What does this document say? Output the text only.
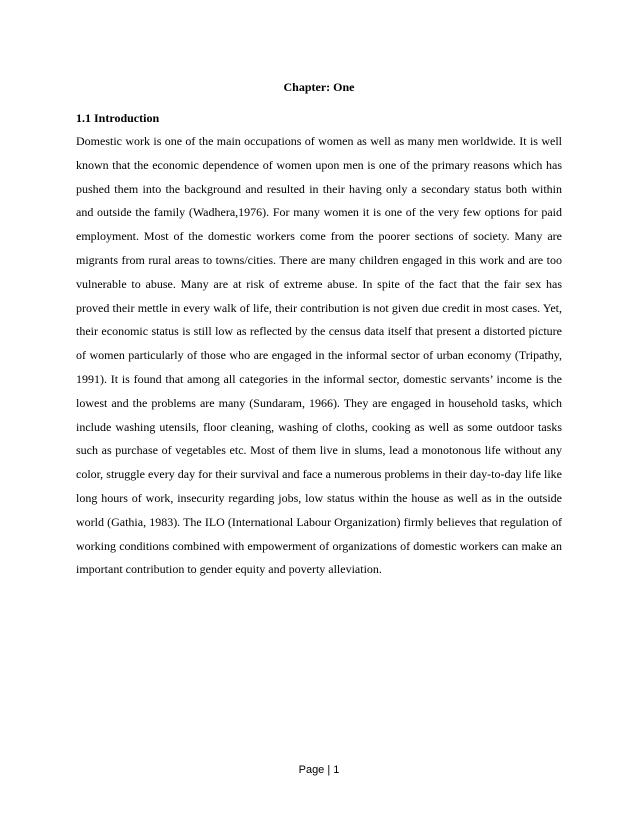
Chapter: One
1.1 Introduction

Domestic work is one of the main occupations of women as well as many men worldwide. It is well known that the economic dependence of women upon men is one of the primary reasons which has pushed them into the background and resulted in their having only a secondary status both within and outside the family (Wadhera,1976). For many women it is one of the very few options for paid employment. Most of the domestic workers come from the poorer sections of society. Many are migrants from rural areas to towns/cities. There are many children engaged in this work and are too vulnerable to abuse. Many are at risk of extreme abuse. In spite of the fact that the fair sex has proved their mettle in every walk of life, their contribution is not given due credit in most cases. Yet, their economic status is still low as reflected by the census data itself that present a distorted picture of women particularly of those who are engaged in the informal sector of urban economy (Tripathy, 1991). It is found that among all categories in the informal sector, domestic servants’ income is the lowest and the problems are many (Sundaram, 1966). They are engaged in household tasks, which include washing utensils, floor cleaning, washing of cloths, cooking as well as some outdoor tasks such as purchase of vegetables etc. Most of them live in slums, lead a monotonous life without any color, struggle every day for their survival and face a numerous problems in their day-to-day life like long hours of work, insecurity regarding jobs, low status within the house as well as in the outside world (Gathia, 1983). The ILO (International Labour Organization) firmly believes that regulation of working conditions combined with empowerment of organizations of domestic workers can make an important contribution to gender equity and poverty alleviation.

Page | 1
